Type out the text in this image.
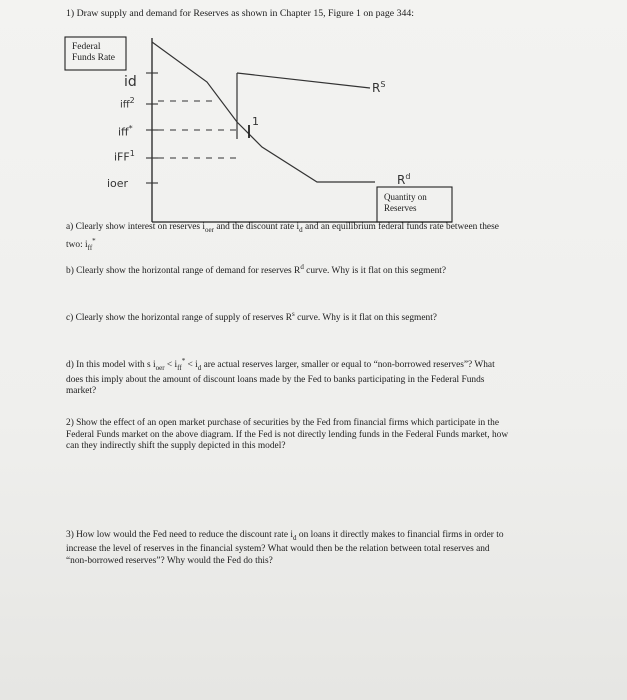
1) Draw supply and demand for Reserves as shown in Chapter 15, Figure 1 on page 344:
Federal
Funds Rate
Quantity on
Reserves
id
iff$^2$
iff*
iFF$^1$
ioer
$R^S$
$R^d$
1
a) Clearly show interest on reserves $i_{oer}$ and the discount rate $i_d$ and an equilibrium federal funds rate between these
two: $i_{ff}^*$
b) Clearly show the horizontal range of demand for reserves $R^d$ curve. Why is it flat on this segment?
c) Clearly show the horizontal range of supply of reserves $R^s$ curve. Why is it flat on this segment?
d) In this model with s $i_{oer} < i_{ff}^* < i_d$ are actual reserves larger, smaller or equal to “non-borrowed reserves”? What
does this imply about the amount of discount loans made by the Fed to banks participating in the Federal Funds
market?
2) Show the effect of an open market purchase of securities by the Fed from financial firms which participate in the
Federal Funds market on the above diagram. If the Fed is not directly lending funds in the Federal Funds market, how
can they indirectly shift the supply depicted in this model?
3) How low would the Fed need to reduce the discount rate $i_d$ on loans it directly makes to financial firms in order to
increase the level of reserves in the financial system? What would then be the relation between total reserves and
“non-borrowed reserves”? Why would the Fed do this?
